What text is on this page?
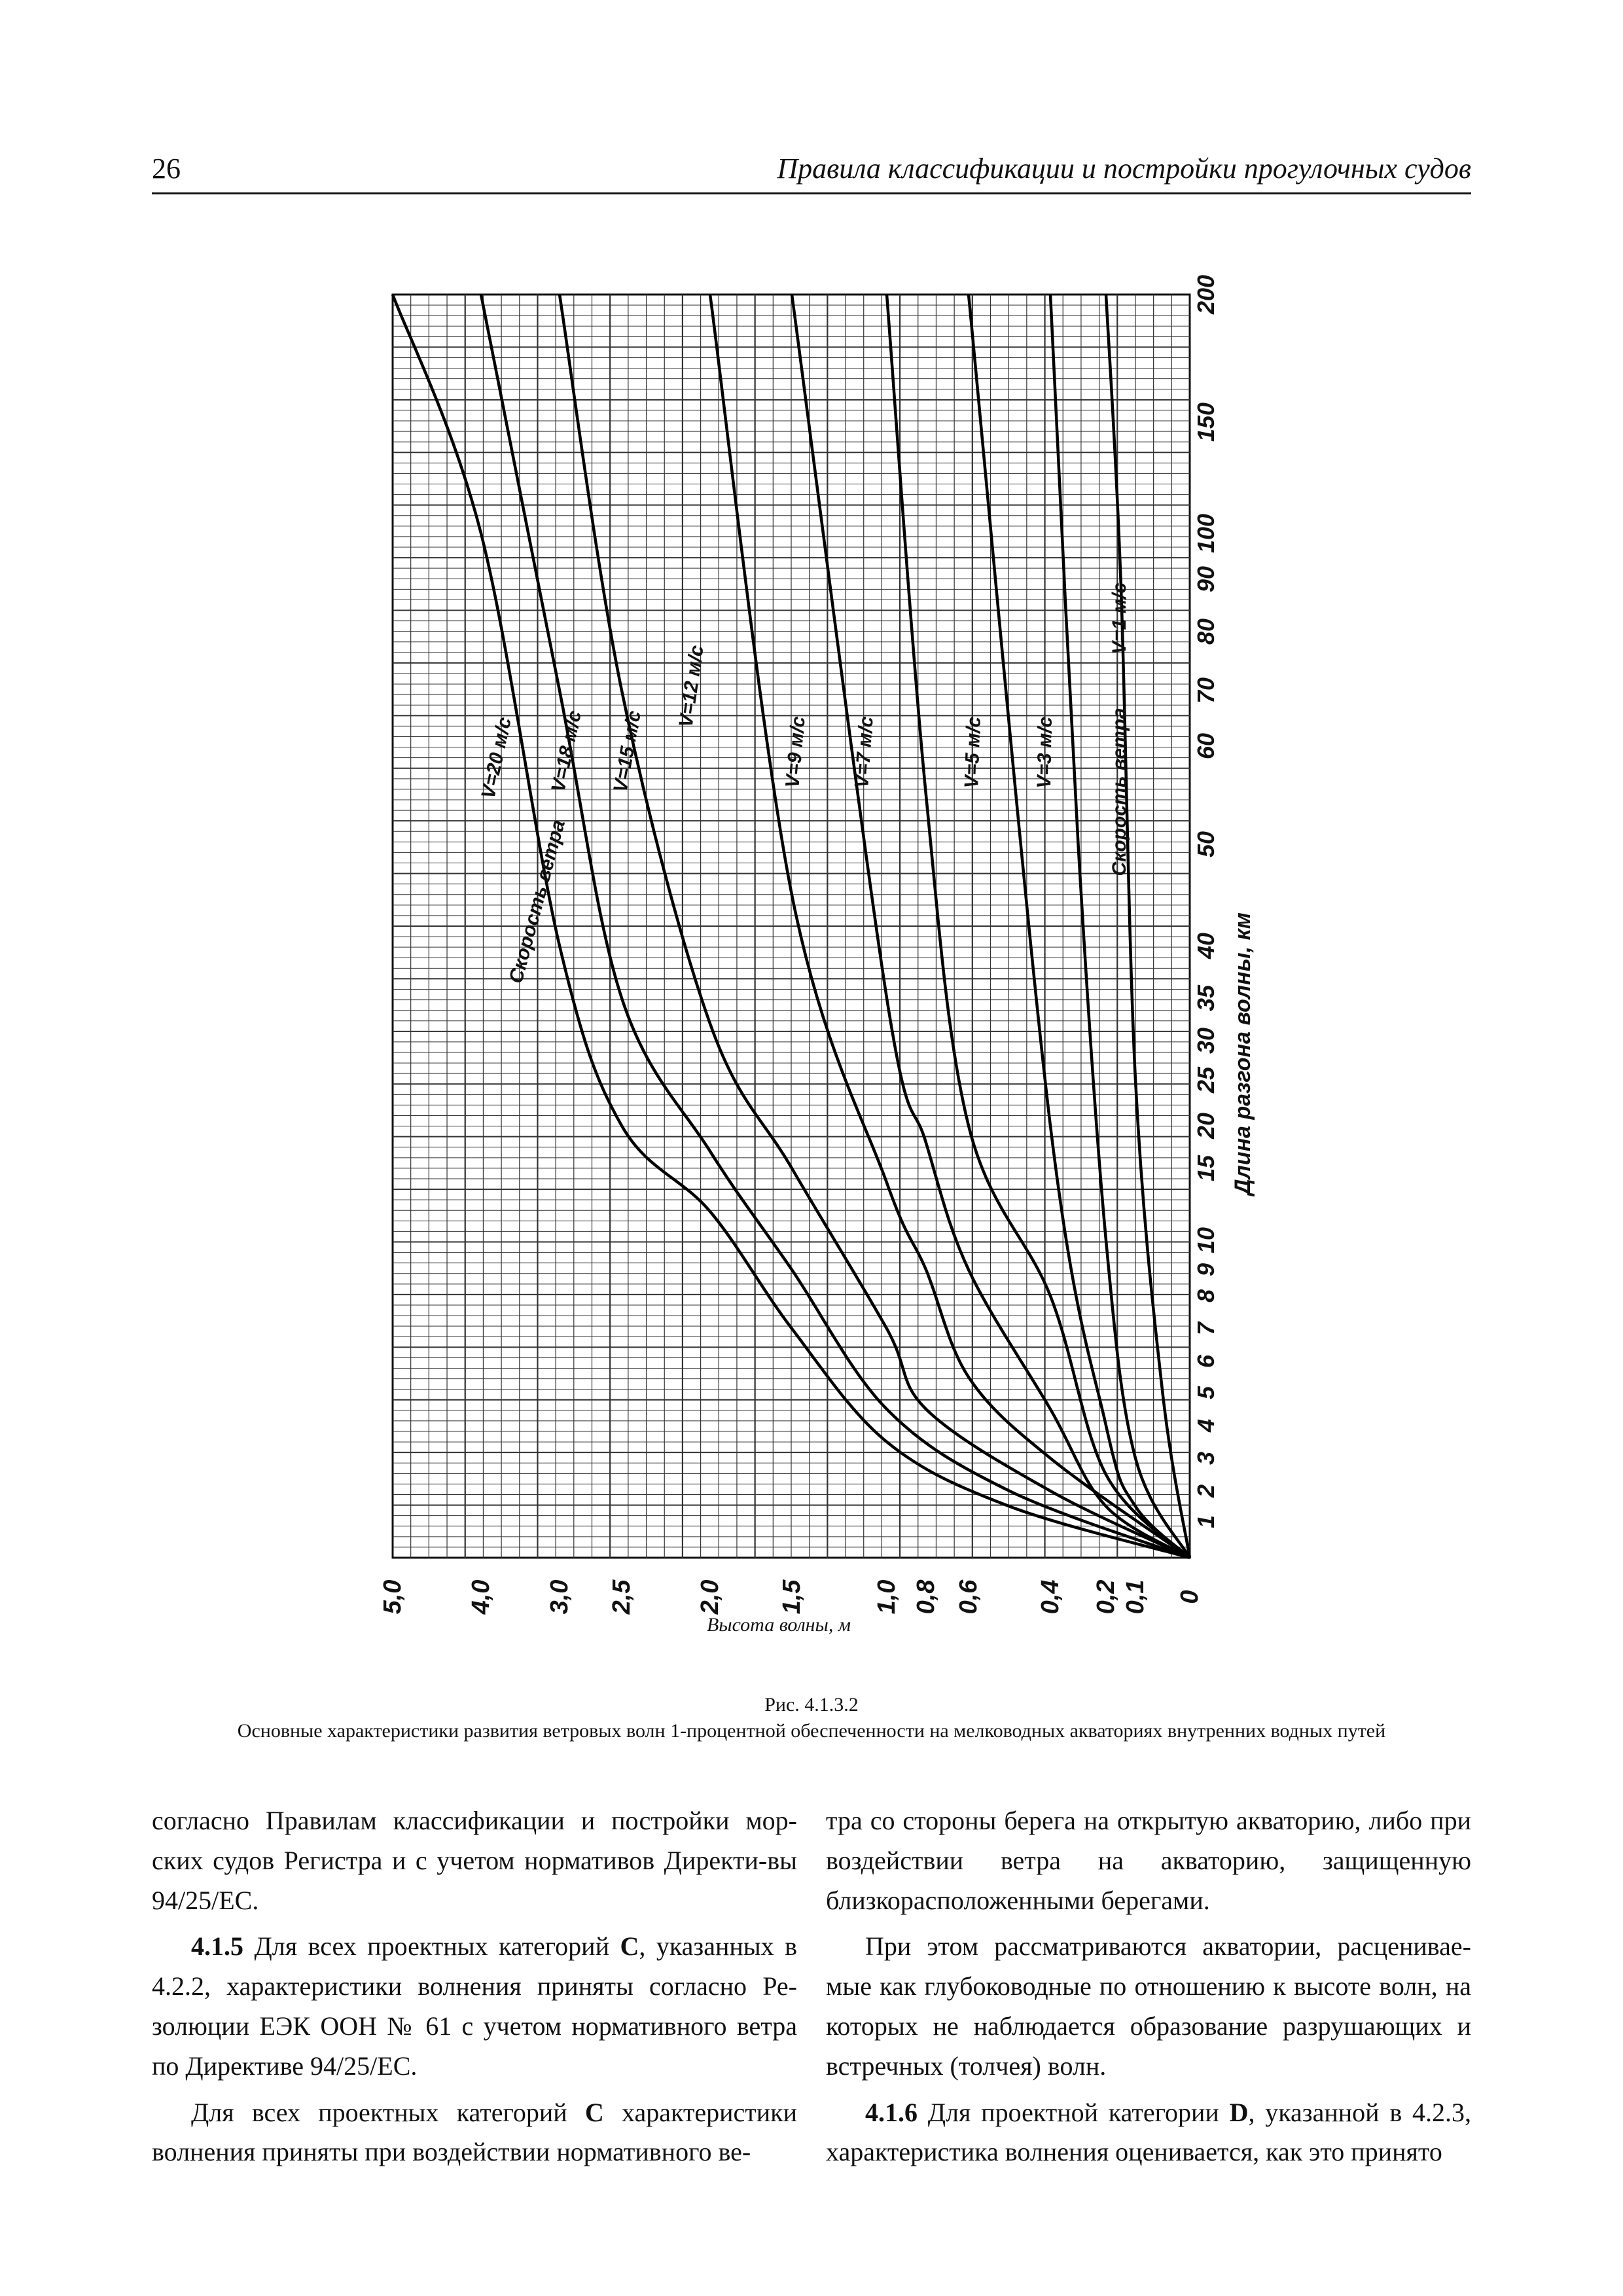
26	Правила классификации и постройки прогулочных судов
5,0 4,0 3,0 2,5 2,0 1,5	1,0 0,8 0,6 0,4 0,2 0,1 0
200
150
100
90
80
70
60
50
40
35
30
25
20
15
10
9
8
7
6
5
4
3
2
1
V=20 м/с V=18 м/с V=15 м/с
V=12 м/с
V=9 м/с V=7 м/с	V=5 м/с V=3 м/с
V=1 м/с
Высота волны, м
Длина разгона волны, км
Скорость ветра
Скорость ветра
Рис. 4.1.3.2
Основные характеристики развития ветровых волн 1-процентной обеспеченности на мелководных акваториях внутренних водных путей

согласно Правилам классификации и постройки мор-ских судов Регистра и с учетом нормативов Директи-вы 94/25/ЕС.

4.1.5 Для всех проектных категорий С, указанных в 4.2.2, характеристики волнения приняты согласно Ре-золюции ЕЭК ООН № 61 с учетом нормативного ветра по Директиве 94/25/ЕС.

Для всех проектных категорий С характеристики волнения приняты при воздействии нормативного ве-

тра со стороны берега на открытую акваторию, либо при воздействии ветра на акваторию, защищенную близкорасположенными берегами.

При этом рассматриваются акватории, расценивае-мые как глубоководные по отношению к высоте волн, на которых не наблюдается образование разрушающих и встречных (толчея) волн.

4.1.6 Для проектной категории D, указанной в 4.2.3, характеристика волнения оценивается, как это принято
